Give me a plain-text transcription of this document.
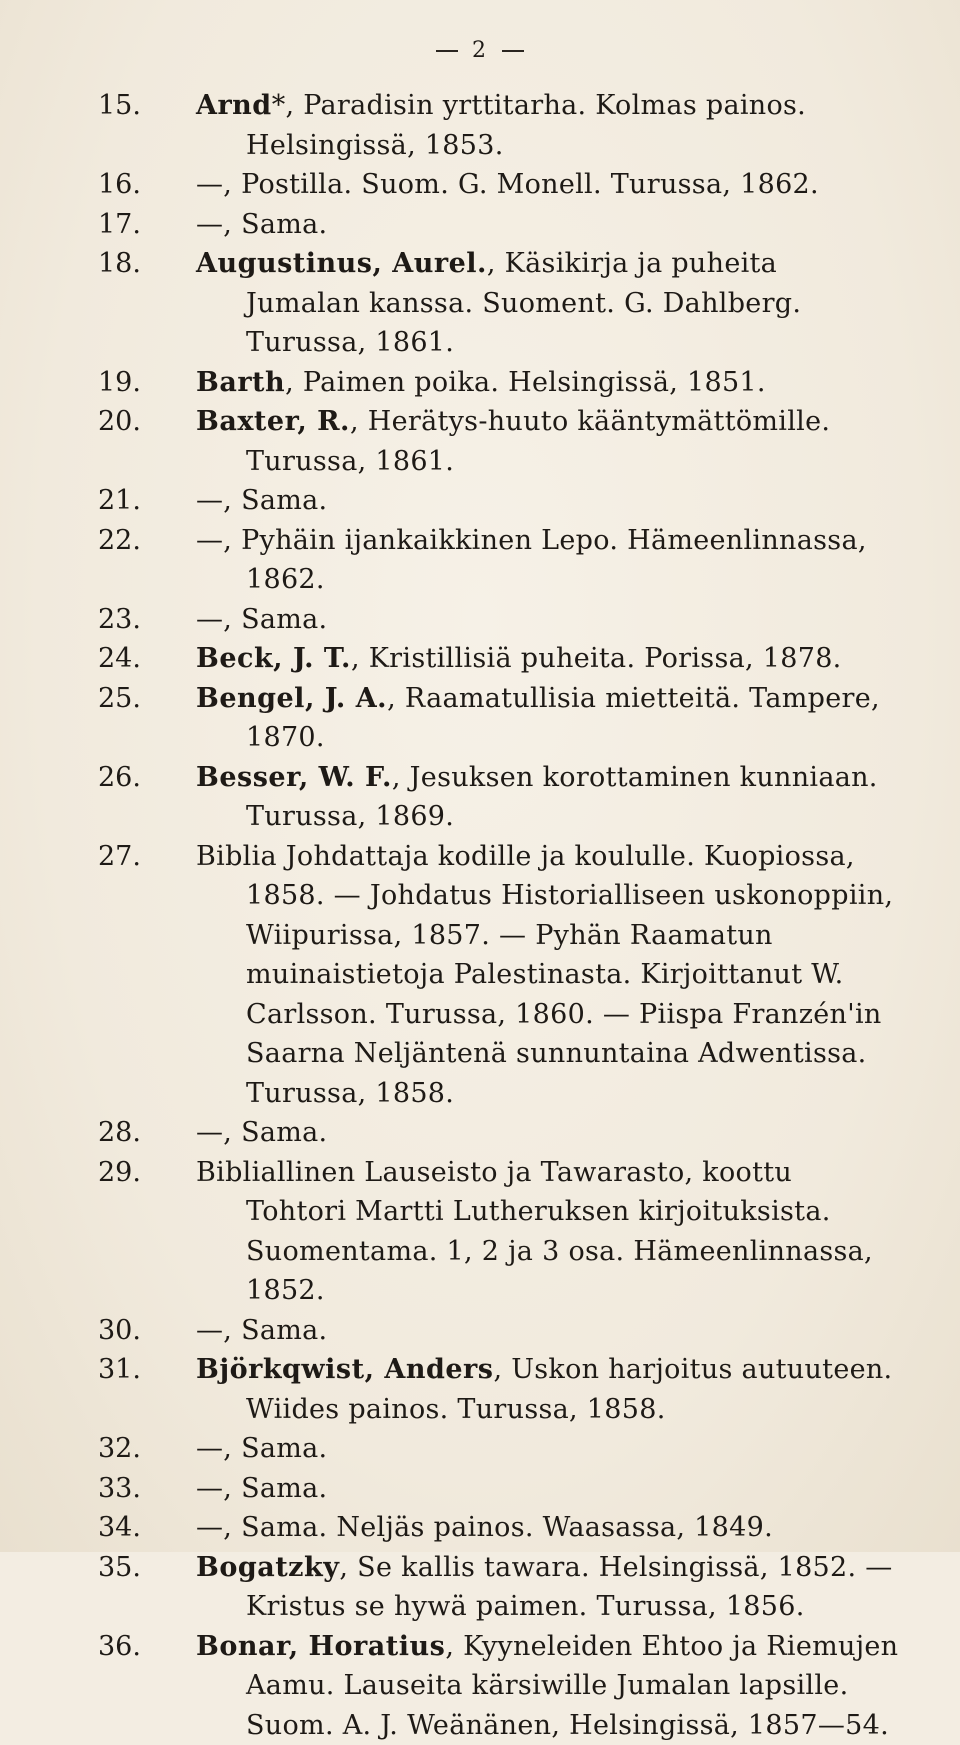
2

15. Arnd*, Paradisin yrttitarha. Kolmas painos. Helsingissä, 1853.

16. —, Postilla. Suom. G. Monell. Turussa, 1862.

17. —, Sama.

18. Augustinus, Aurel., Käsikirja ja puheita Jumalan kanssa. Suoment. G. Dahlberg. Turussa, 1861.

19. Barth, Paimen poika. Helsingissä, 1851.

20. Baxter, R., Herätys-huuto kääntymättömille. Turussa, 1861.

21. —, Sama.

22. —, Pyhäin ijankaikkinen Lepo. Hämeenlinnassa, 1862.

23. —, Sama.

24. Beck, J. T., Kristillisiä puheita. Porissa, 1878.

25. Bengel, J. A., Raamatullisia mietteitä. Tampere, 1870.

26. Besser, W. F., Jesuksen korottaminen kunniaan. Turussa, 1869.

27. Biblia Johdattaja kodille ja koululle. Kuopiossa, 1858. — Johdatus Historialliseen uskonoppiin, Wiipurissa, 1857. — Pyhän Raamatun muinaistietoja Palestinasta. Kirjoittanut W. Carlsson. Turussa, 1860. — Piispa Franzén'in Saarna Neljäntenä sunnuntaina Adwentissa. Turussa, 1858.

28. —, Sama.

29. Bibliallinen Lauseisto ja Tawarasto, koottu Tohtori Martti Lutheruksen kirjoituksista. Suomentama. 1, 2 ja 3 osa. Hämeenlinnassa, 1852.

30. —, Sama.

31. Björkqwist, Anders, Uskon harjoitus autuuteen. Wiides painos. Turussa, 1858.

32. —, Sama.

33. —, Sama.

34. —, Sama. Neljäs painos. Waasassa, 1849.

35. Bogatzky, Se kallis tawara. Helsingissä, 1852. — Kristus se hywä paimen. Turussa, 1856.

36. Bonar, Horatius, Kyyneleiden Ehtoo ja Riemujen Aamu. Lauseita kärsiwille Jumalan lapsille. Suom. A. J. Weänänen, Helsingissä, 1857—54.
